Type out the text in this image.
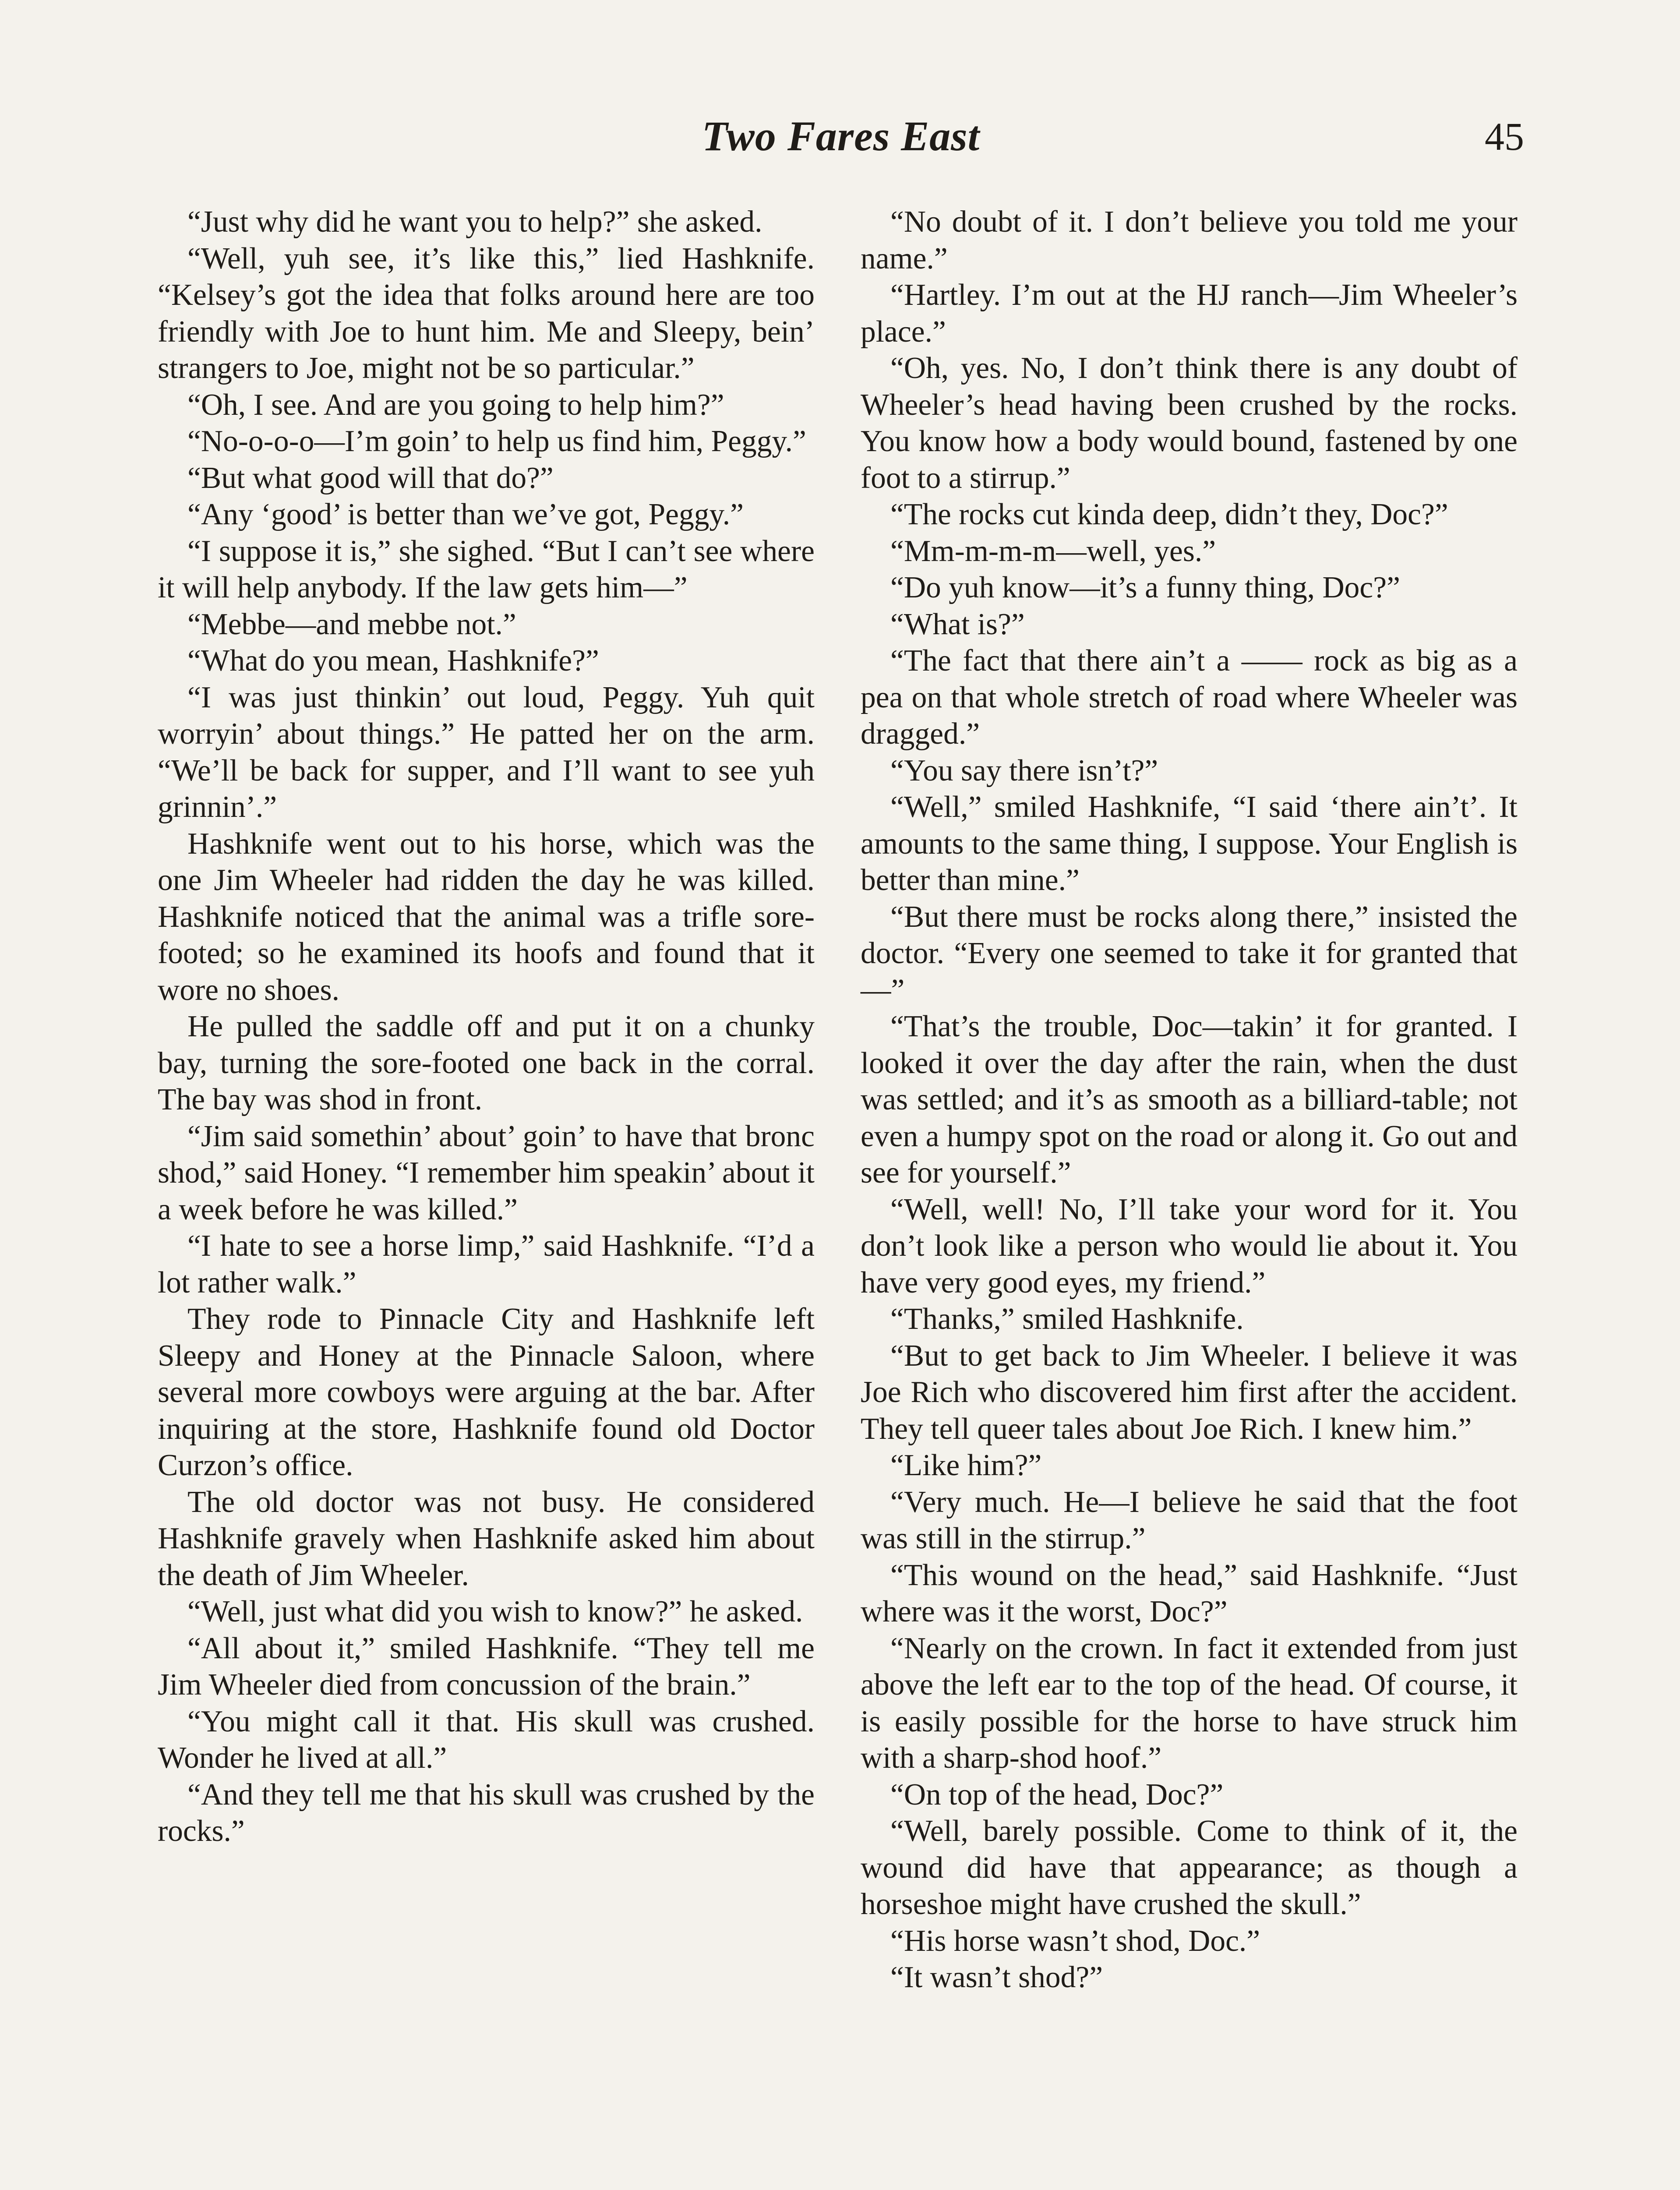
Two Fares East	45

“Just why did he want you to help?” she asked.

“Well, yuh see, it’s like this,” lied Hashknife. “Kelsey’s got the idea that folks around here are too friendly with Joe to hunt him. Me and Sleepy, bein’ strangers to Joe, might not be so particular.”

“Oh, I see. And are you going to help him?”

“No-o-o-o—I’m goin’ to help us find him, Peggy.”

“But what good will that do?”

“Any ‘good’ is better than we’ve got, Peggy.”

“I suppose it is,” she sighed. “But I can’t see where it will help anybody. If the law gets him—”

“Mebbe—and mebbe not.”

“What do you mean, Hashknife?”

“I was just thinkin’ out loud, Peggy. Yuh quit worryin’ about things.” He patted her on the arm. “We’ll be back for supper, and I’ll want to see yuh grinnin’.”

Hashknife went out to his horse, which was the one Jim Wheeler had ridden the day he was killed. Hashknife noticed that the animal was a trifle sore-footed; so he examined its hoofs and found that it wore no shoes.

He pulled the saddle off and put it on a chunky bay, turning the sore-footed one back in the corral. The bay was shod in front.

“Jim said somethin’ about’ goin’ to have that bronc shod,” said Honey. “I remember him speakin’ about it a week before he was killed.”

“I hate to see a horse limp,” said Hashknife. “I’d a lot rather walk.”

They rode to Pinnacle City and Hashknife left Sleepy and Honey at the Pinnacle Saloon, where several more cowboys were arguing at the bar. After inquiring at the store, Hashknife found old Doctor Curzon’s office.

The old doctor was not busy. He considered Hashknife gravely when Hashknife asked him about the death of Jim Wheeler.

“Well, just what did you wish to know?” he asked.

“All about it,” smiled Hashknife. “They tell me Jim Wheeler died from concussion of the brain.”

“You might call it that. His skull was crushed. Wonder he lived at all.”

“And they tell me that his skull was crushed by the rocks.”

“No doubt of it. I don’t believe you told me your name.”

“Hartley. I’m out at the HJ ranch—Jim Wheeler’s place.”

“Oh, yes. No, I don’t think there is any doubt of Wheeler’s head having been crushed by the rocks. You know how a body would bound, fastened by one foot to a stirrup.”

“The rocks cut kinda deep, didn’t they, Doc?”

“Mm-m-m-m—well, yes.”

“Do yuh know—it’s a funny thing, Doc?”

“What is?”

“The fact that there ain’t a —— rock as big as a pea on that whole stretch of road where Wheeler was dragged.”

“You say there isn’t?”

“Well,” smiled Hashknife, “I said ‘there ain’t’. It amounts to the same thing, I suppose. Your English is better than mine.”

“But there must be rocks along there,” insisted the doctor. “Every one seemed to take it for granted that—”

“That’s the trouble, Doc—takin’ it for granted. I looked it over the day after the rain, when the dust was settled; and it’s as smooth as a billiard-table; not even a humpy spot on the road or along it. Go out and see for yourself.”

“Well, well! No, I’ll take your word for it. You don’t look like a person who would lie about it. You have very good eyes, my friend.”

“Thanks,” smiled Hashknife.

“But to get back to Jim Wheeler. I believe it was Joe Rich who discovered him first after the accident. They tell queer tales about Joe Rich. I knew him.”

“Like him?”

“Very much. He—I believe he said that the foot was still in the stirrup.”

“This wound on the head,” said Hashknife. “Just where was it the worst, Doc?”

“Nearly on the crown. In fact it extended from just above the left ear to the top of the head. Of course, it is easily possible for the horse to have struck him with a sharp-shod hoof.”

“On top of the head, Doc?”

“Well, barely possible. Come to think of it, the wound did have that appearance; as though a horseshoe might have crushed the skull.”

“His horse wasn’t shod, Doc.”

“It wasn’t shod?”
